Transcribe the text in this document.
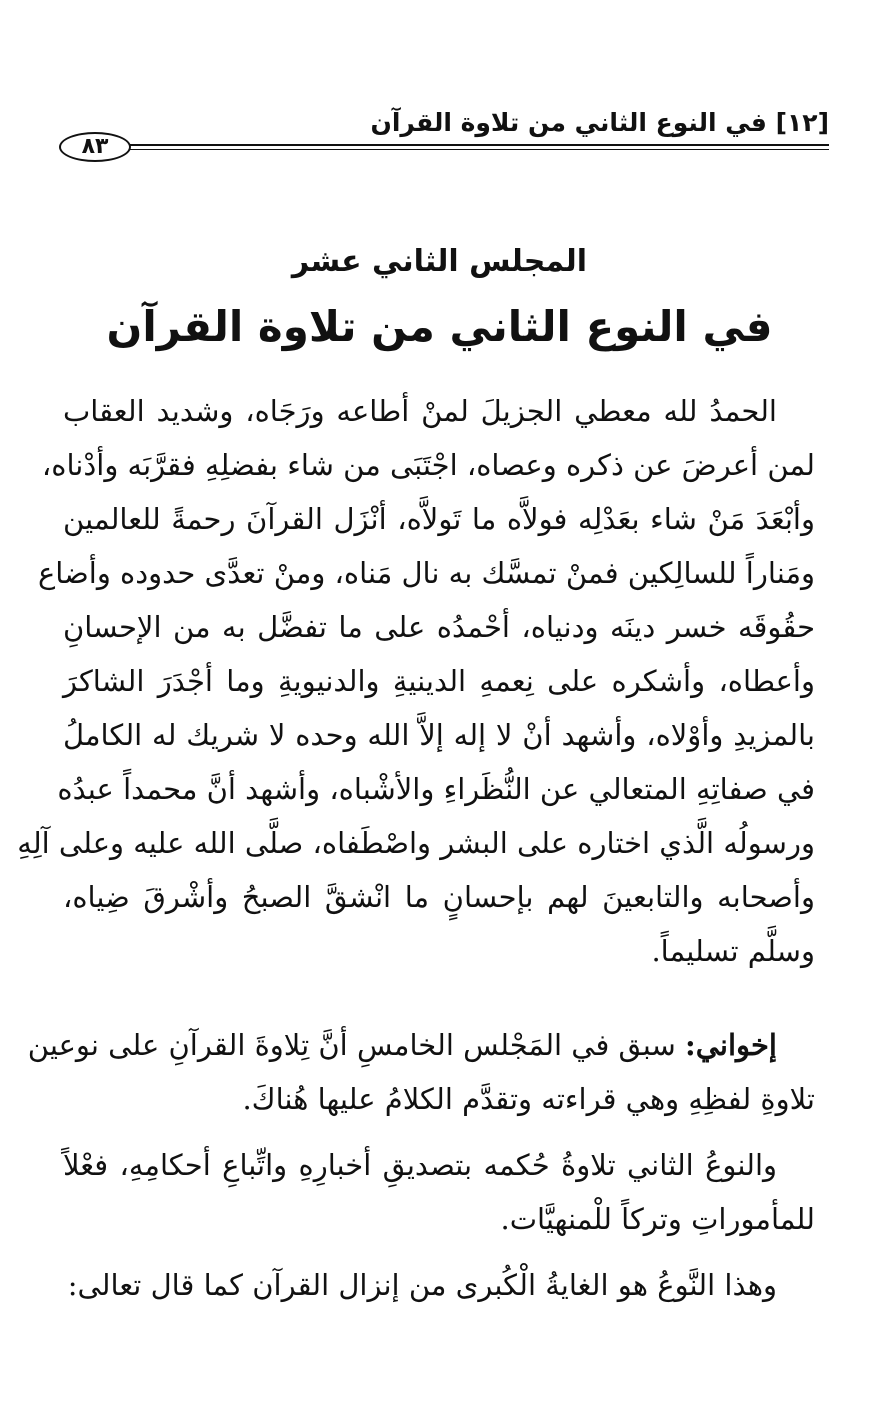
[١٢] في النوع الثاني من تلاوة القرآن
٨٣
المجلس الثاني عشر
في النوع الثاني من تلاوة القرآن
الحمدُ لله معطي الجزيلَ لمنْ أطاعه ورَجَاه، وشديد العقاب
لمن أعرضَ عن ذكره وعصاه، اجْتَبَى من شاء بفضلِهِ فقرَّبَه وأدْناه،
وأبْعَدَ مَنْ شاء بعَدْلِه فولاَّه ما تَولاَّه، أنْزَل القرآنَ رحمةً للعالمين
ومَناراً للسالِكين فمنْ تمسَّك به نال مَناه، ومنْ تعدَّى حدوده وأضاع
حقُوقَه خسر دينَه ودنياه، أحْمدُه على ما تفضَّل به من الإحسانِ
وأعطاه، وأشكره على نِعمهِ الدينيةِ والدنيويةِ وما أجْدَرَ الشاكرَ
بالمزيدِ وأوْلاه، وأشهد أنْ لا إله إلاَّ الله وحده لا شريك له الكاملُ
في صفاتِهِ المتعالي عن النُّظَراءِ والأشْباه، وأشهد أنَّ محمداً عبدُه
ورسولُه الَّذي اختاره على البشر واصْطَفاه، صلَّى الله عليه وعلى آلِهِ
وأصحابه والتابعينَ لهم بإحسانٍ ما انْشقَّ الصبحُ وأشْرقَ ضِياه،
وسلَّم تسليماً.
إخواني: سبق في المَجْلس الخامسِ أنَّ تِلاوةَ القرآنِ على نوعين
تلاوةِ لفظِهِ وهي قراءته وتقدَّم الكلامُ عليها هُناكَ.
والنوعُ الثاني تلاوةُ حُكمه بتصديقِ أخبارِهِ واتِّباعِ أحكامِهِ، فعْلاً
للمأموراتِ وتركاً للْمنهيَّات.
وهذا النَّوعُ هو الغايةُ الْكُبرى من إنزال القرآن كما قال تعالى:
